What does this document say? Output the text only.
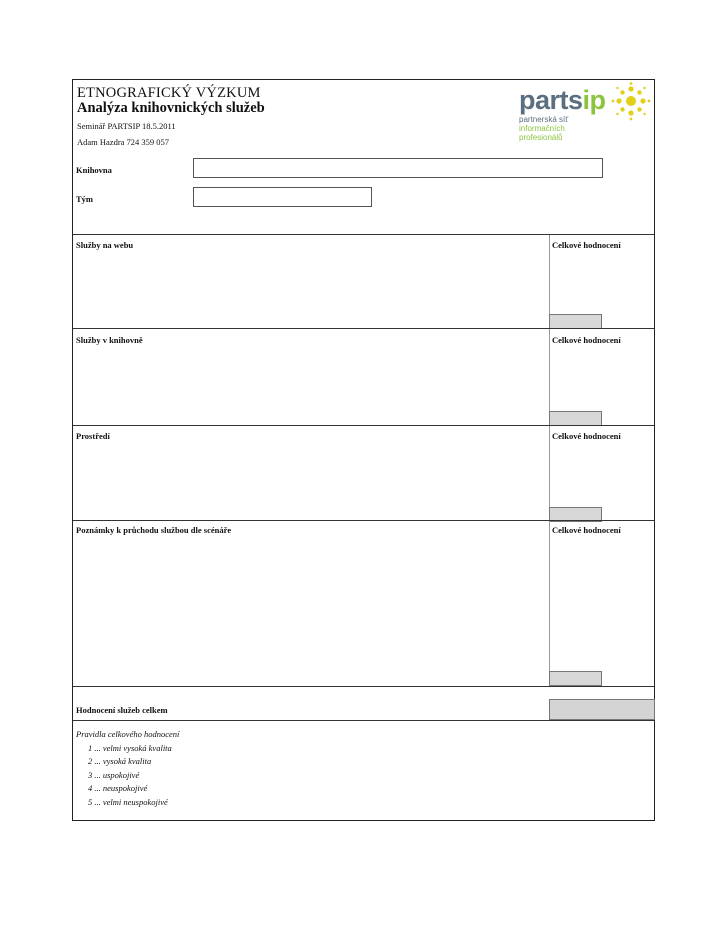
ETNOGRAFICKÝ VÝZKUM
Analýza knihovnických služeb
Seminář PARTSIP 18.5.2011
Adam Hazdra 724 359 057
partsip
partnerská síť
informačních
profesionálů
Knihovna
Tým
Služby na webu	Celkové hodnocení
Služby v knihovně	Celkové hodnocení
Prostředí	Celkové hodnocení
Poznámky k průchodu službou dle scénáře	Celkové hodnocení
Hodnocení služeb celkem
Pravidla celkového hodnocení
1 ... velmi vysoká kvalita
2 ... vysoká kvalita
3 ... uspokojivé
4 ... neuspokojivé
5 ... velmi neuspokojivé
